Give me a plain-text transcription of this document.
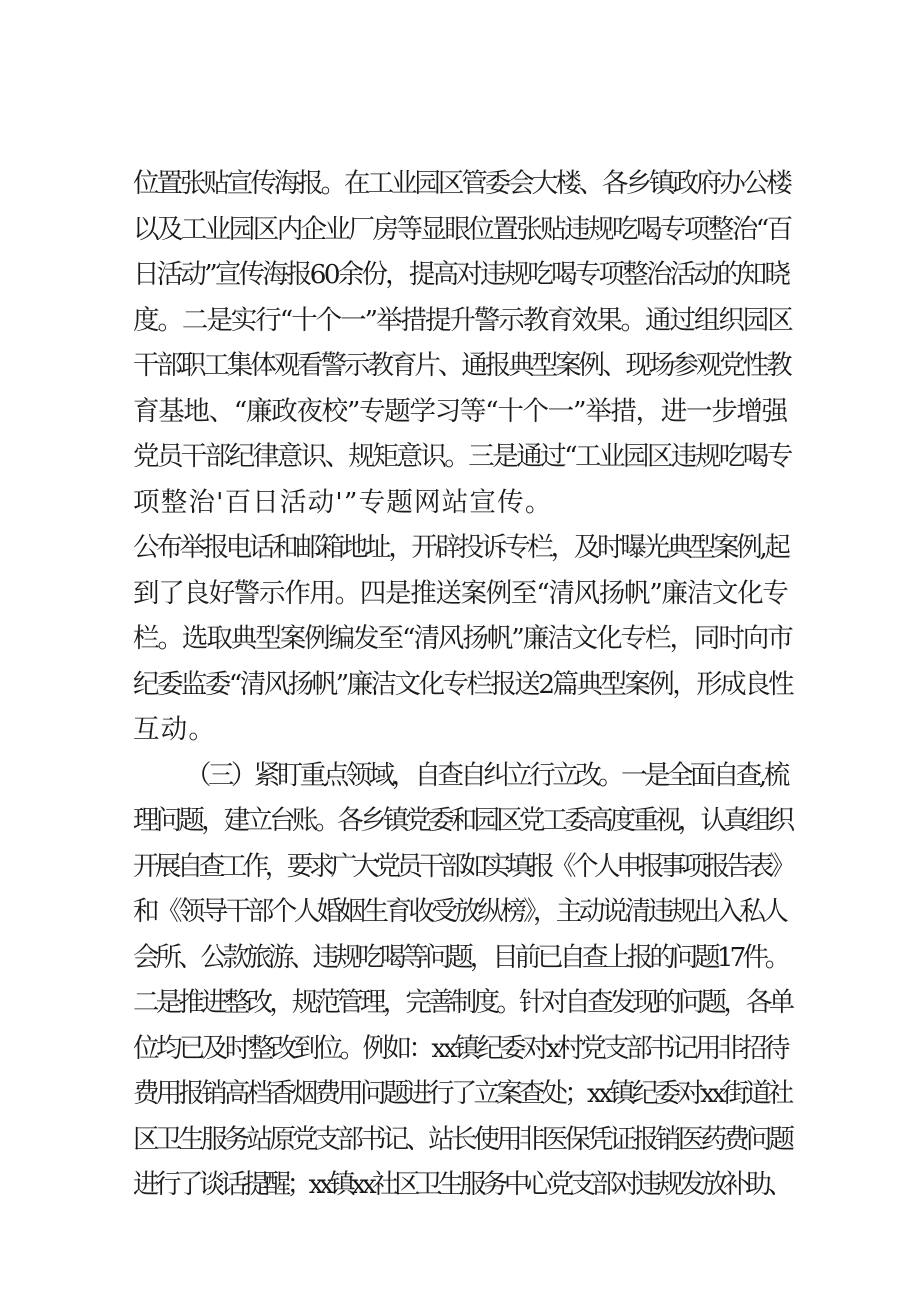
位置张贴宣传海报。在工业园区管委会大楼、各乡镇政府办公楼
以及工业园区内企业厂房等显眼位置张贴违规吃喝专项整治“百
日活动”宣传海报60余份，提高对违规吃喝专项整治活动的知晓
度。二是实行“十个一”举措提升警示教育效果。通过组织园区
干部职工集体观看警示教育片、通报典型案例、现场参观党性教
育基地、“廉政夜校”专题学习等“十个一”举措，进一步增强
党员干部纪律意识、规矩意识。三是通过“工业园区违规吃喝专
项整治'百日活动'”专题网站宣传。
公布举报电话和邮箱地址，开辟投诉专栏，及时曝光典型案例,起
到了良好警示作用。四是推送案例至“清风扬帆”廉洁文化专
栏。选取典型案例编发至“清风扬帆”廉洁文化专栏，同时向市
纪委监委“清风扬帆”廉洁文化专栏报送2篇典型案例，形成良性
互动。
（三）紧盯重点领域，自查自纠立行立改。一是全面自查,梳
理问题，建立台账。各乡镇党委和园区党工委高度重视，认真组织
开展自查工作，要求广大党员干部如实填报《个人申报事项报告表》
和《领导干部个人婚姻生育收受放纵榜》，主动说清违规出入私人
会所、公款旅游、违规吃喝等问题，目前已自查上报的问题17件。
二是推进整改，规范管理，完善制度。针对自查发现的问题，各单
位均已及时整改到位。例如：xx镇纪委对x村党支部书记用非招待
费用报销高档香烟费用问题进行了立案查处；xx镇纪委对xx街道社
区卫生服务站原党支部书记、站长使用非医保凭证报销医药费问题
进行了谈话提醒；xx镇xx社区卫生服务中心党支部对违规发放补助、
